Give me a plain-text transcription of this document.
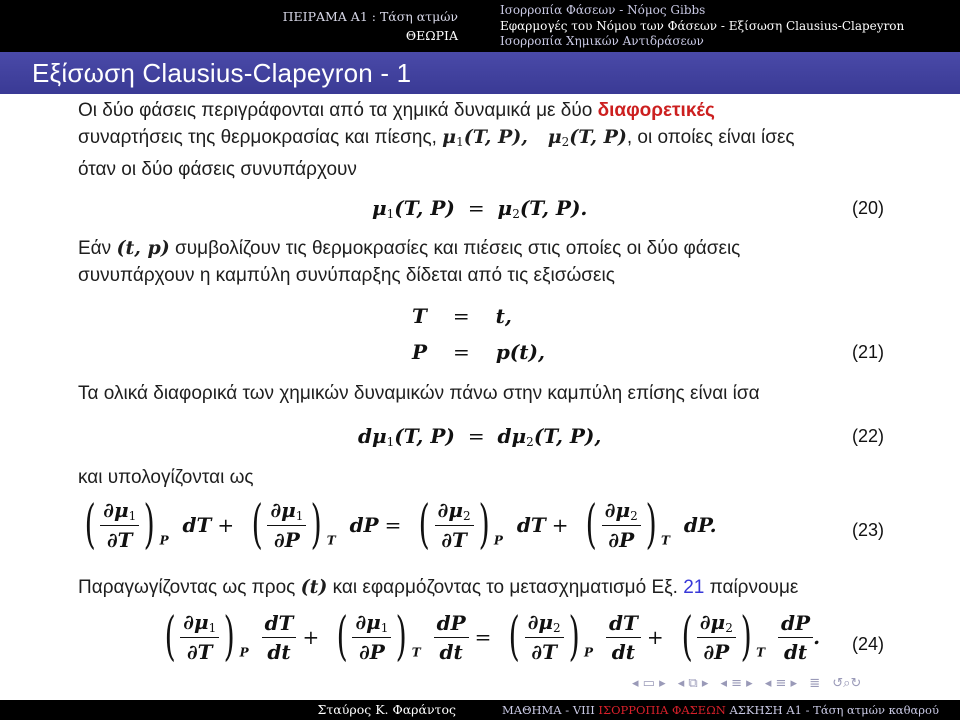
ΠΕΙΡΑΜΑ Α1 : Τάση ατμών
ΘΕΩΡΙΑ
Ισορροπία Φάσεων - Νόμος Gibbs
Εφαρμογές του Νόμου των Φάσεων - Εξίσωση Clausius-Clapeyron
Ισορροπία Χημικών Αντιδράσεων
Εξίσωση Clausius-Clapeyron - 1
Οι δύο φάσεις περιγράφονται από τα χημικά δυναμικά με δύο διαφορετικές
συναρτήσεις της θερμοκρασίας και πίεσης, $\mu_1(T$, P),   $\mu_2(T$, P), οι οποίες είναι ίσες
όταν οι δύο φάσεις συνυπάρχουν
$\mu_1(T$, $P) = \mu_2(T$, P).	(20)
Εάν (t, p) συμβολίζουν τις θερμοκρασίες και πιέσεις στις οποίες οι δύο φάσεις
συνυπάρχουν η καμπύλη συνύπαρξης δίδεται από τις εξισώσεις
T = t,
P = p(t),	(21)
Τα ολικά διαφορικά των χημικών δυναμικών πάνω στην καμπύλη επίσης είναι ίσα
$d\mu_1(T$, $P) = d\mu_2(T$, P),	(22)
και υπολογίζονται ως
( $\frac{\partial\mu_1}{\partial T}$ ) $_P$  dT + ( $\frac{\partial\mu_1}{\partial P}$ ) $_T$  dP = ( $\frac{\partial\mu_2}{\partial T}$ ) $_P$  dT + ( $\frac{\partial\mu_2}{\partial P}$ ) $_T$  dP.	(23)
Παραγωγίζοντας ως προς (t) και εφαρμόζοντας το μετασχηματισμό Εξ. 21 παίρνουμε
( $\frac{\partial\mu_1}{\partial T}$ ) $_P \frac{dT}{dt}$ + ( $\frac{\partial\mu_1}{\partial P}$ ) $_T \frac{dP}{dt}$ = ( $\frac{\partial\mu_2}{\partial T}$ ) $_P \frac{dT}{dt}$ + ( $\frac{\partial\mu_2}{\partial P}$ ) $_T \frac{dP}{dt}$ . (24)
◂ ▭ ▸ ◂ ⧉ ▸ ◂ ≡ ▸ ◂ ≡ ▸ ≣ ↺⌕↻
Σταύρος Κ. Φαράντος	ΜΑΘΗΜΑ - VIII ΙΣΟΡΡΟΠΙΑ ΦΑΣΕΩΝ ΑΣΚΗΣΗ Α1 - Τάση ατμών καθαρού
